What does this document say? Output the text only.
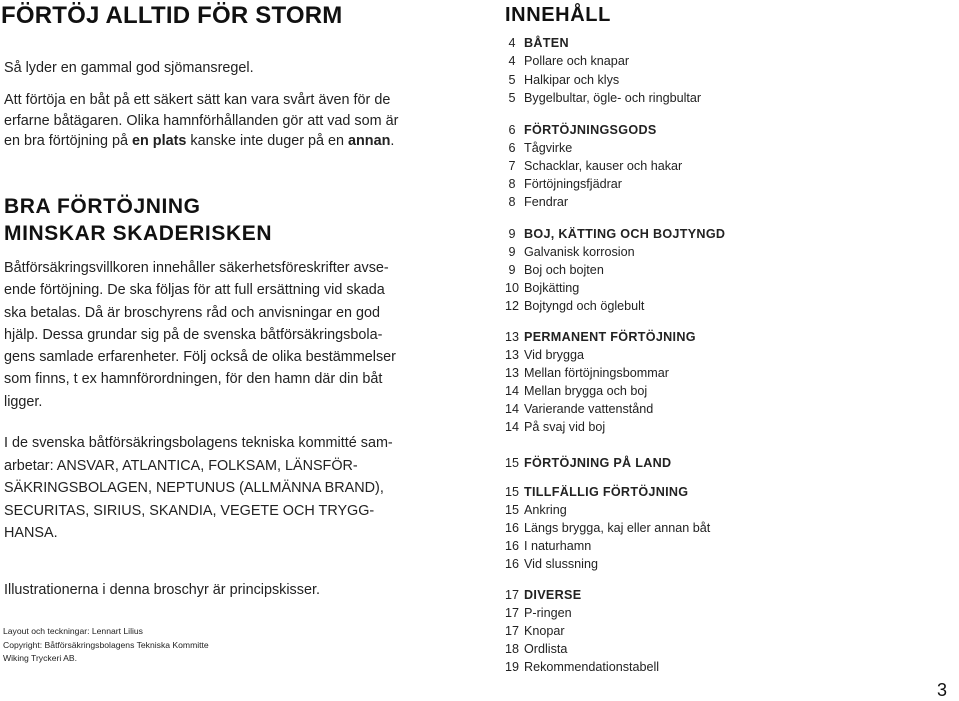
FÖRTÖJ ALLTID FÖR STORM
Så lyder en gammal god sjömansregel.
Att förtöja en båt på ett säkert sätt kan vara svårt även för de
erfarne båtägaren. Olika hamnförhållanden gör att vad som är
en bra förtöjning på en plats kanske inte duger på en annan.
BRA FÖRTÖJNING
MINSKAR SKADERISKEN
Båtförsäkringsvillkoren innehåller säkerhetsföreskrifter avse-
ende förtöjning. De ska följas för att full ersättning vid skada
ska betalas. Då är broschyrens råd och anvisningar en god
hjälp. Dessa grundar sig på de svenska båtförsäkringsbola-
gens samlade erfarenheter. Följ också de olika bestämmelser
som finns, t ex hamnförordningen, för den hamn där din båt
ligger.
I de svenska båtförsäkringsbolagens tekniska kommitté sam-
arbetar: ANSVAR, ATLANTICA, FOLKSAM, LÄNSFÖR-
SÄKRINGSBOLAGEN, NEPTUNUS (ALLMÄNNA BRAND),
SECURITAS, SIRIUS, SKANDIA, VEGETE OCH TRYGG-
HANSA.
Illustrationerna i denna broschyr är principskisser.
Layout och teckningar: Lennart Lilius
Copyright: Båtförsäkringsbolagens Tekniska Kommitte
Wiking Tryckeri AB.
INNEHÅLL
4 BÅTEN
4 Pollare och knapar
5 Halkipar och klys
5 Bygelbultar, ögle- och ringbultar
6 FÖRTÖJNINGSGODS
6 Tågvirke
7 Schacklar, kauser och hakar
8 Förtöjningsfjädrar
8 Fendrar
9 BOJ, KÄTTING OCH BOJTYNGD
9 Galvanisk korrosion
9 Boj och bojten
10 Bojkätting
12 Bojtyngd och öglebult
13 PERMANENT FÖRTÖJNING
13 Vid brygga
13 Mellan förtöjningsbommar
14 Mellan brygga och boj
14 Varierande vattenstånd
14 På svaj vid boj
15 FÖRTÖJNING PÅ LAND
15 TILLFÄLLIG FÖRTÖJNING
15 Ankring
16 Längs brygga, kaj eller annan båt
16 I naturhamn
16 Vid slussning
17 DIVERSE
17 P-ringen
17 Knopar
18 Ordlista
19 Rekommendationstabell
3
